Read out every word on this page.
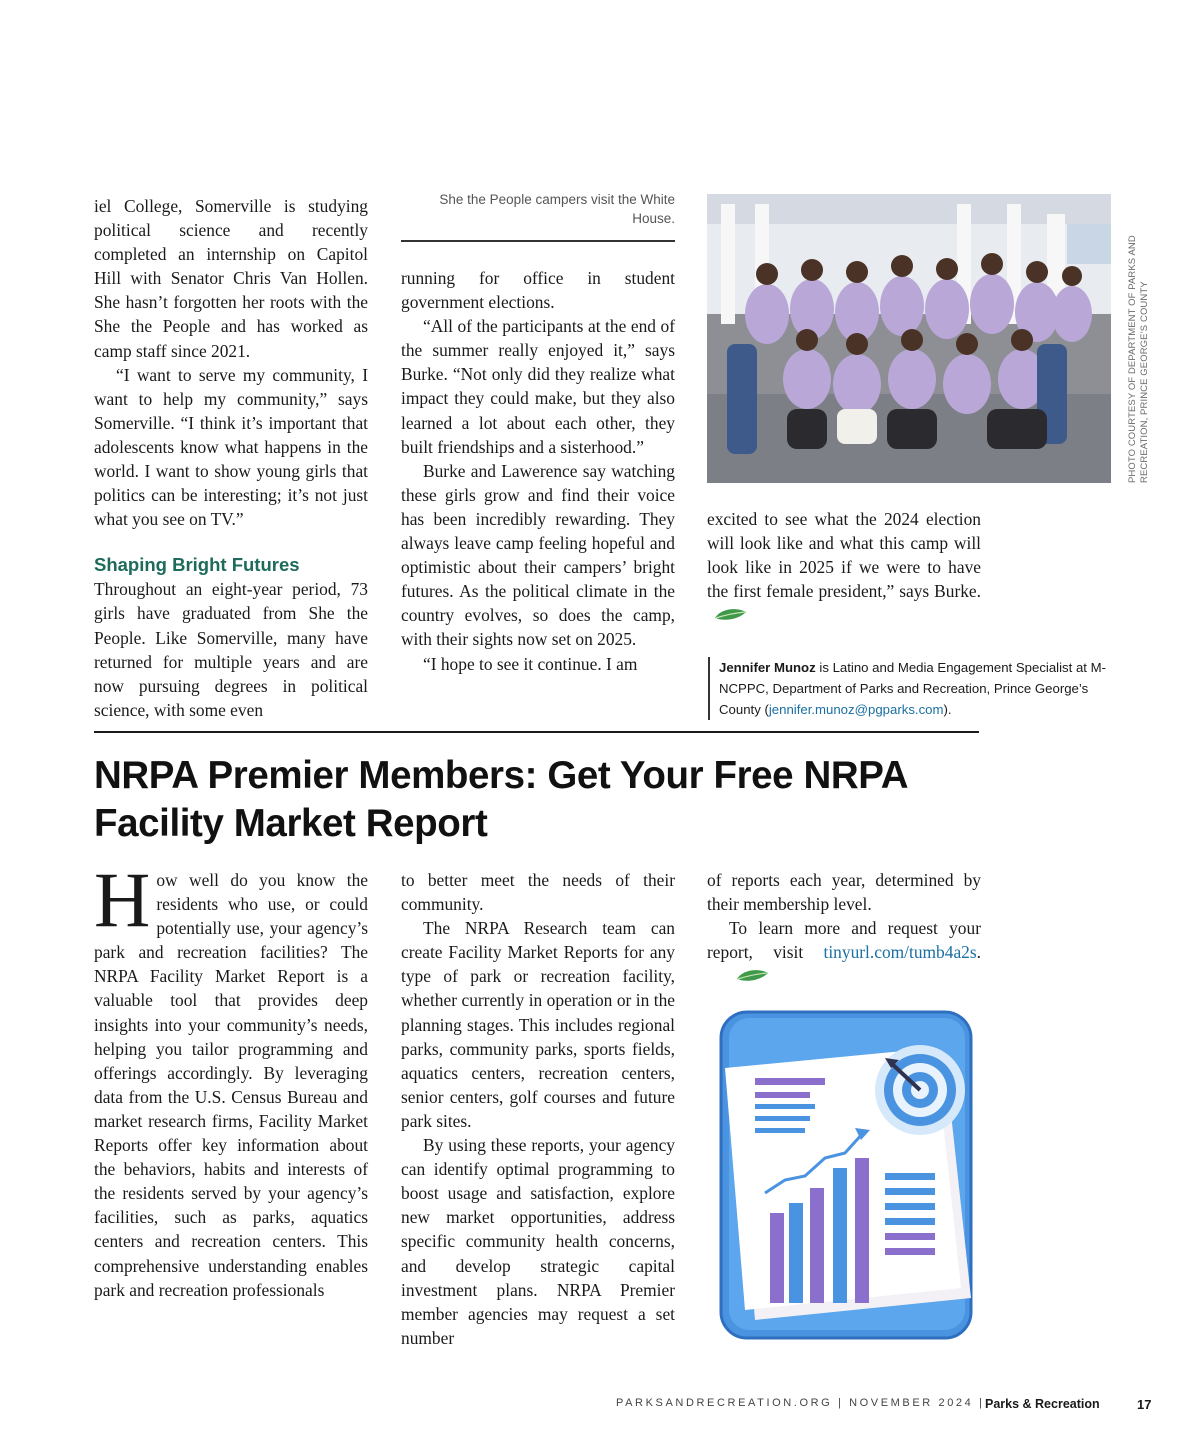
iel College, Somerville is studying political science and recently completed an internship on Capitol Hill with Senator Chris Van Hollen. She hasn’t forgotten her roots with the She the People and has worked as camp staff since 2021.

“I want to serve my community, I want to help my community,” says Somerville. “I think it’s important that adolescents know what happens in the world. I want to show young girls that politics can be interesting; it’s not just what you see on TV.”

Shaping Bright Futures

Throughout an eight-year period, 73 girls have graduated from She the People. Like Somerville, many have returned for multiple years and are now pursuing degrees in political science, with some even

She the People campers visit the White House.

running for office in student government elections.

“All of the participants at the end of the summer really enjoyed it,” says Burke. “Not only did they realize what impact they could make, but they also learned a lot about each other, they built friendships and a sisterhood.”

Burke and Lawerence say watching these girls grow and find their voice has been incredibly rewarding. They always leave camp feeling hopeful and optimistic about their campers’ bright futures. As the political climate in the country evolves, so does the camp, with their sights now set on 2025.

“I hope to see it continue. I am

PHOTO COURTESY OF DEPARTMENT OF PARKS AND RECREATION, PRINCE GEORGE’S COUNTY

excited to see what the 2024 election will look like and what this camp will look like in 2025 if we were to have the first female president,” says Burke.

Jennifer Munoz is Latino and Media Engagement Specialist at M-NCPPC, Department of Parks and Recreation, Prince George’s County (jennifer.munoz@pgparks.com).
NRPA Premier Members: Get Your Free NRPA Facility Market Report

How well do you know the residents who use, or could potentially use, your agency’s park and recreation facilities? The NRPA Facility Market Report is a valuable tool that provides deep insights into your community’s needs, helping you tailor programming and offerings accordingly. By leveraging data from the U.S. Census Bureau and market research firms, Facility Market Reports offer key information about the behaviors, habits and interests of the residents served by your agency’s facilities, such as parks, aquatics centers and recreation centers. This comprehensive understanding enables park and recreation professionals

to better meet the needs of their community.

The NRPA Research team can create Facility Market Reports for any type of park or recreation facility, whether currently in operation or in the planning stages. This includes regional parks, community parks, sports fields, aquatics centers, recreation centers, senior centers, golf courses and future park sites.

By using these reports, your agency can identify optimal programming to boost usage and satisfaction, explore new market opportunities, address specific community health concerns, and develop strategic capital investment plans. NRPA Premier member agencies may request a set number

of reports each year, determined by their membership level.

To learn more and request your report, visit tinyurl.com/tumb4a2s.

PARKSANDRECREATION.ORG | NOVEMBER 2024 | Parks & Recreation	17
